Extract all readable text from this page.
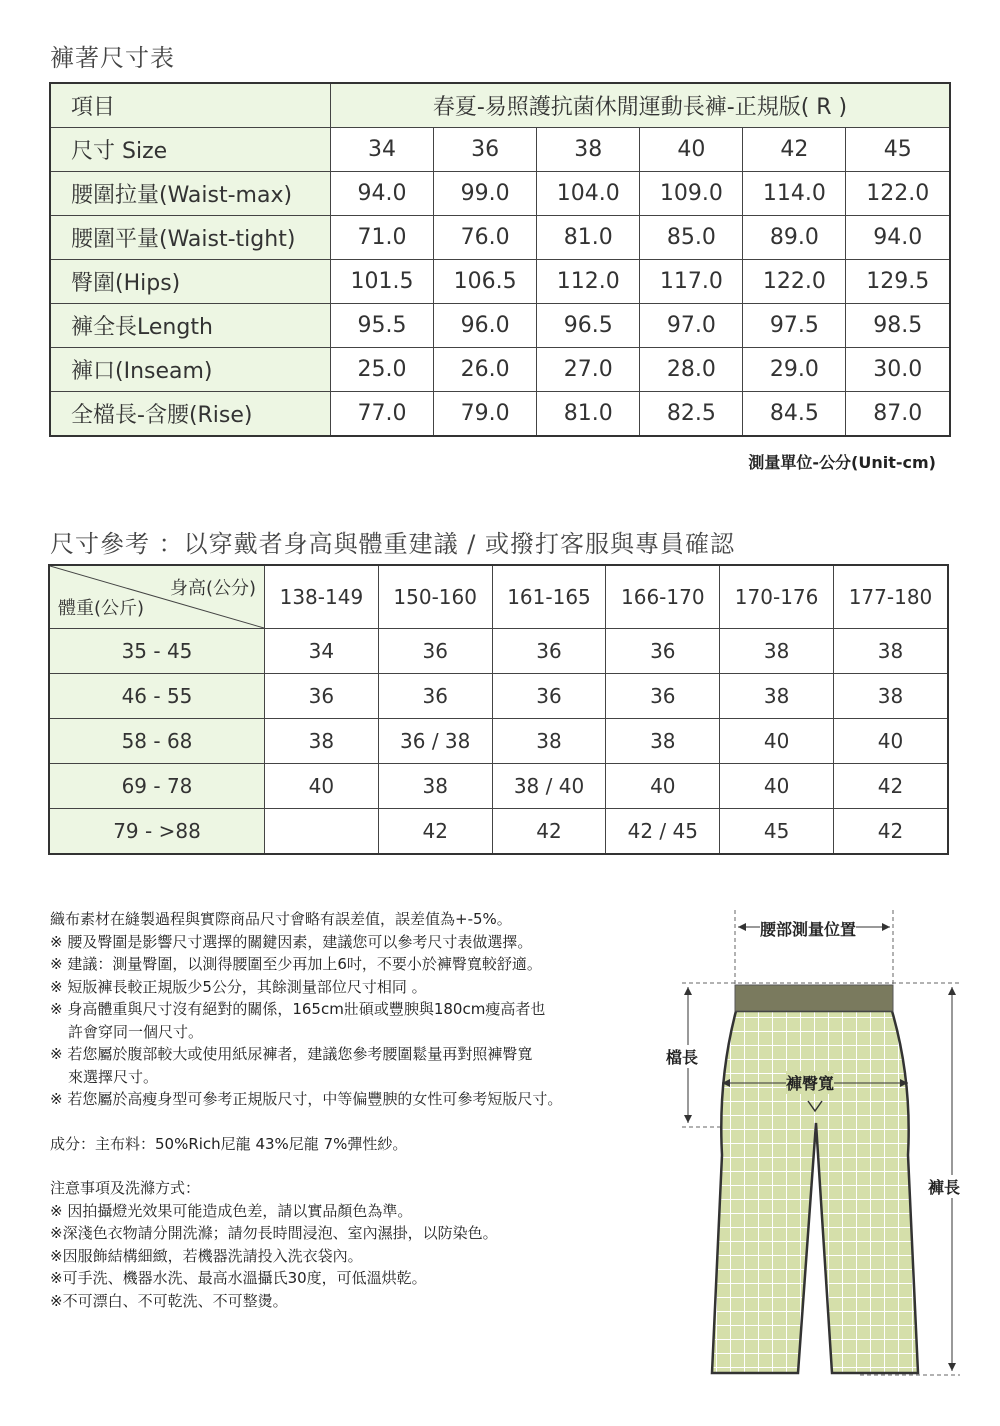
褲著尺寸表
項目	春夏-易照護抗菌休閒運動長褲-正規版( R )					
尺寸 Size	34	36	38	40	42	45
腰圍拉量(Waist-max)	94.0	99.0	104.0	109.0	114.0	122.0
腰圍平量(Waist-tight)	71.0	76.0	81.0	85.0	89.0	94.0
臀圍(Hips)	101.5	106.5	112.0	117.0	122.0	129.5
褲全長Length	95.5	96.0	96.5	97.0	97.5	98.5
褲口(Inseam)	25.0	26.0	27.0	28.0	29.0	30.0
全檔長-含腰(Rise)	77.0	79.0	81.0	82.5	84.5	87.0
測量單位-公分(Unit-cm)
尺寸參考 ：以穿戴者身高與體重建議 / 或撥打客服與專員確認
身高(公分)
體重(公斤)	138-149	150-160	161-165	166-170	170-176	177-180
35 - 45	34	36	36	36	38	38
46 - 55	36	36	36	36	38	38
58 - 68	38	36 / 38	38	38	40	40
69 - 78	40	38	38 / 40	40	40	42
79 - >88		42	42	42 / 45	45	42

織布素材在縫製過程與實際商品尺寸會略有誤差值，誤差值為+-5%。

※ 腰及臀圍是影響尺寸選擇的關鍵因素，建議您可以參考尺寸表做選擇。

※ 建議：測量臀圍，以測得腰圍至少再加上6吋，不要小於褲臀寬較舒適。

※ 短版褲長較正規版少5公分，其餘測量部位尺寸相同 。

※ 身高體重與尺寸沒有絕對的關係，165cm壯碩或豐腴與180cm瘦高者也

許會穿同一個尺寸。

※ 若您屬於腹部較大或使用紙尿褲者，建議您參考腰圍鬆量再對照褲臀寬

來選擇尺寸。

※ 若您屬於高瘦身型可參考正規版尺寸，中等偏豐腴的女性可參考短版尺寸。

成分：主布料：50%Rich尼龍 43%尼龍 7%彈性紗。

注意事項及洗滌方式：

※ 因拍攝燈光效果可能造成色差，請以實品顏色為準。

※深淺色衣物請分開洗滌；請勿長時間浸泡、室內濕掛，以防染色。

※因服飾結構細緻，若機器洗請投入洗衣袋內。

※可手洗、機器水洗、最高水溫攝氏30度，可低溫烘乾。

※不可漂白、不可乾洗、不可整燙。

腰部測量位置
檔長
褲臀寬
褲長
